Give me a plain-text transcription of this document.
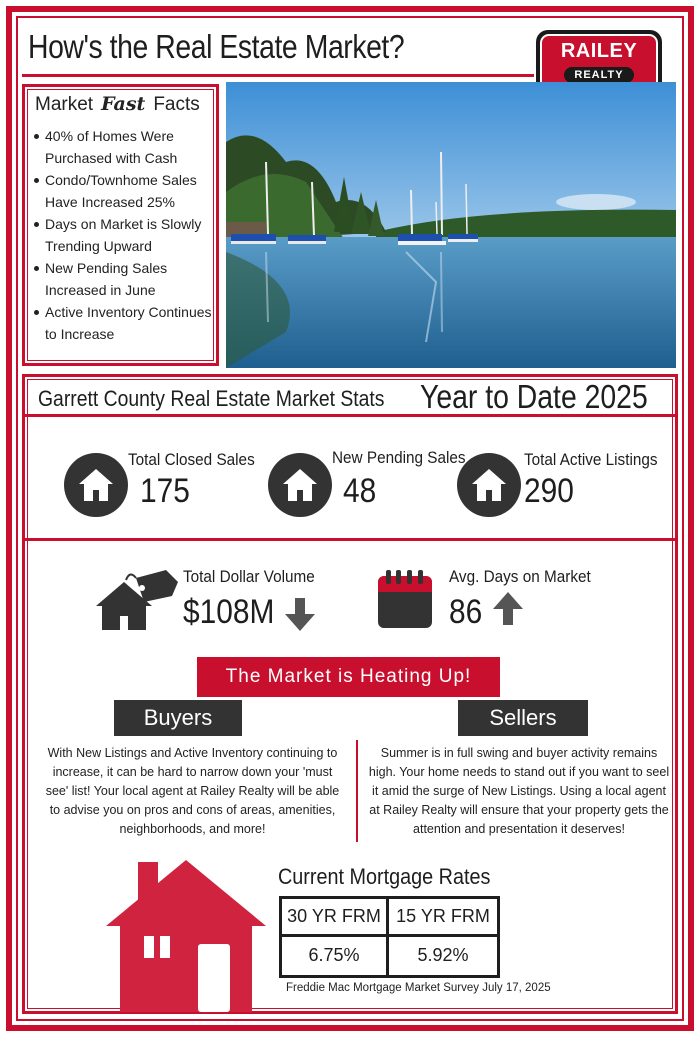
How's the Real Estate Market?	RAILEY
REALTY
Market Fast Facts
40% of Homes Were Purchased with Cash
Condo/Townhome Sales Have Increased 25%
Days on Market is Slowly Trending Upward
New Pending Sales Increased in June
Active Inventory Continues to Increase
Garrett County Real Estate Market Stats Year to Date 2025
Total Closed Sales
175
New Pending Sales
48
Total Active Listings
290
Total Dollar Volume
$108M
Avg. Days on Market
86
The Market is Heating Up!
Buyers
With New Listings and Active Inventory continuing to increase, it can be hard to narrow down your 'must see' list! Your local agent at Railey Realty will be able to advise you on pros and cons of areas, amenities, neighborhoods, and more!
Sellers
Summer is in full swing and buyer activity remains high. Your home needs to stand out if you want to seel it amid the surge of New Listings. Using a local agent at Railey Realty will ensure that your property gets the attention and presentation it deserves!
Current Mortgage Rates
30 YR FRM 15 YR FRM
6.75%	5.92%
Freddie Mac Mortgage Market Survey July 17, 2025
